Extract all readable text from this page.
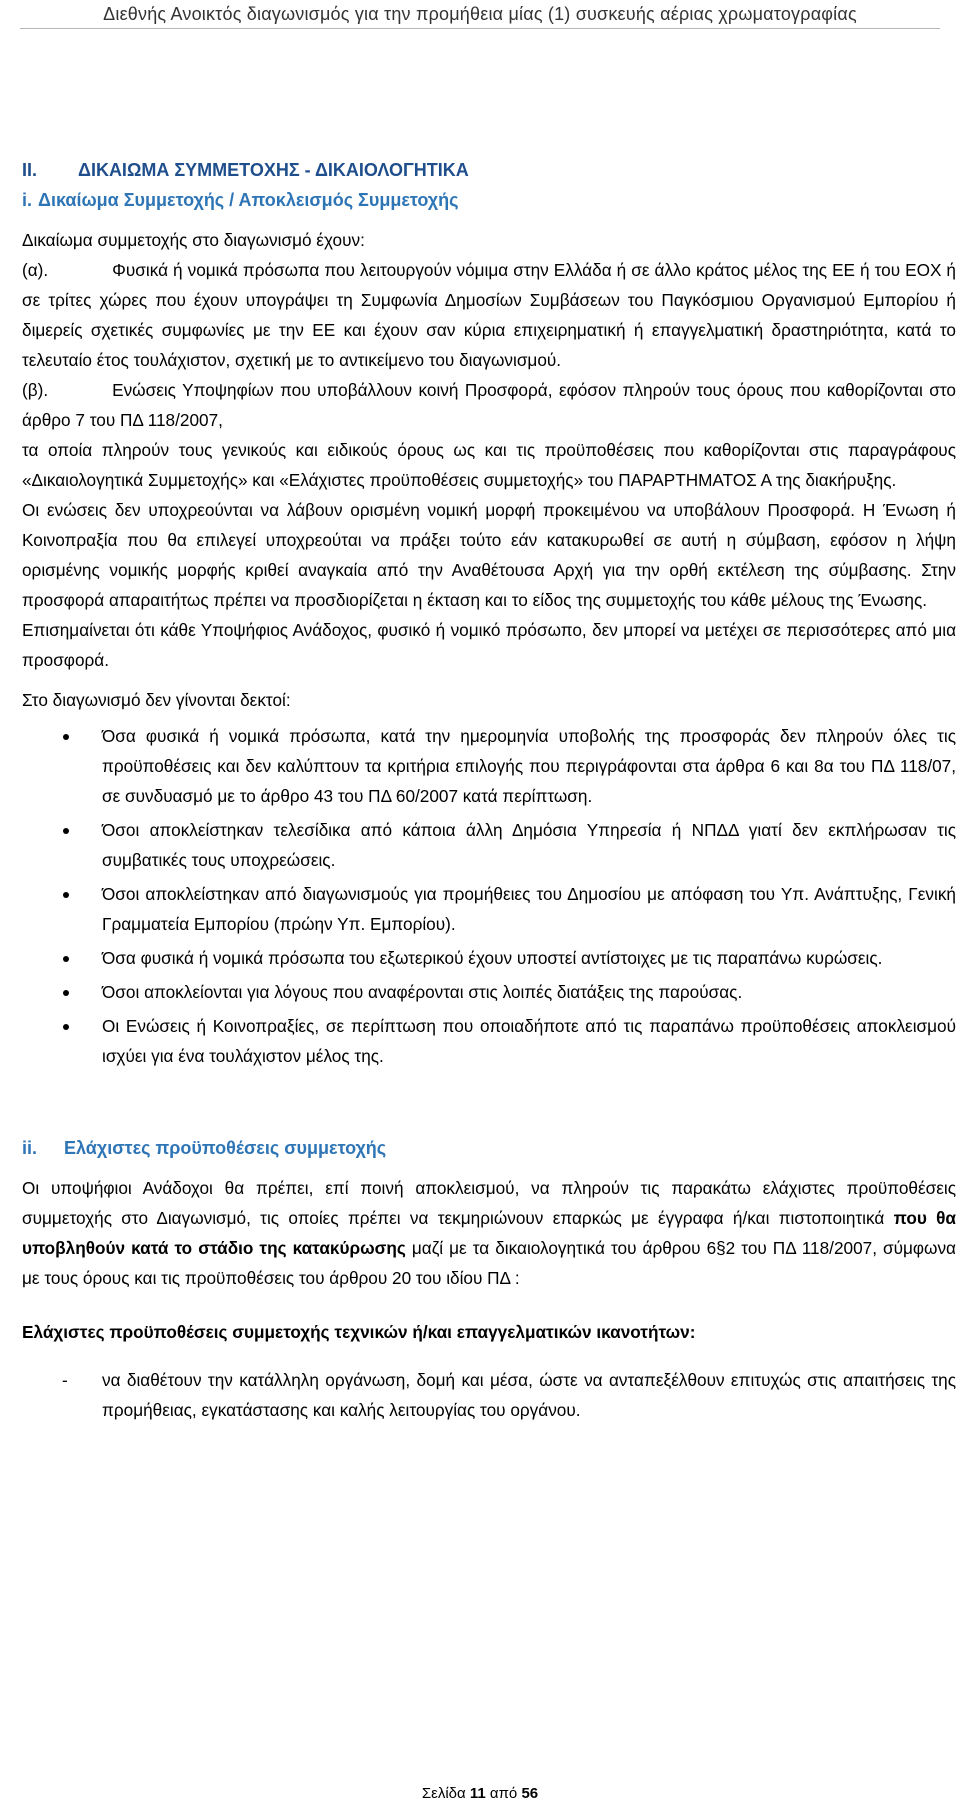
Διεθνής Ανοικτός διαγωνισμός για την προμήθεια μίας (1) συσκευής αέριας χρωματογραφίας
ΙΙ.	ΔΙΚΑΙΩΜΑ ΣΥΜΜΕΤΟΧΗΣ - ΔΙΚΑΙΟΛΟΓΗΤΙΚΑ
i. Δικαίωμα Συμμετοχής / Αποκλεισμός Συμμετοχής

Δικαίωμα συμμετοχής στο διαγωνισμό έχουν:

(α).	Φυσικά ή νομικά πρόσωπα που λειτουργούν νόμιμα στην Ελλάδα ή σε άλλο κράτος μέλος της ΕΕ ή του ΕΟΧ ή σε τρίτες χώρες που έχουν υπογράψει τη Συμφωνία Δημοσίων Συμβάσεων του Παγκόσμιου Οργανισμού Εμπορίου ή διμερείς σχετικές συμφωνίες με την ΕΕ και έχουν σαν κύρια επιχειρηματική ή επαγγελματική δραστηριότητα, κατά το τελευταίο έτος τουλάχιστον, σχετική με το αντικείμενο του διαγωνισμού.

(β).	Ενώσεις Υποψηφίων που υποβάλλουν κοινή Προσφορά, εφόσον πληρούν τους όρους που καθορίζονται στο άρθρο 7 του ΠΔ 118/2007,

τα οποία πληρούν τους γενικούς και ειδικούς όρους ως και τις προϋποθέσεις που καθορίζονται στις παραγράφους «Δικαιολογητικά Συμμετοχής» και «Ελάχιστες προϋποθέσεις συμμετοχής» του ΠΑΡΑΡΤΗΜΑΤΟΣ Α της διακήρυξης.

Οι ενώσεις δεν υποχρεούνται να λάβουν ορισμένη νομική μορφή προκειμένου να υποβάλουν Προσφορά. Η Ένωση ή Κοινοπραξία που θα επιλεγεί υποχρεούται να πράξει τούτο εάν κατακυρωθεί σε αυτή η σύμβαση, εφόσον η λήψη ορισμένης νομικής μορφής κριθεί αναγκαία από την Αναθέτουσα Αρχή για την ορθή εκτέλεση της σύμβασης. Στην προσφορά απαραιτήτως πρέπει να προσδιορίζεται η έκταση και το είδος της συμμετοχής του κάθε μέλους της Ένωσης.

Επισημαίνεται ότι κάθε Υποψήφιος Ανάδοχος, φυσικό ή νομικό πρόσωπο, δεν μπορεί να μετέχει σε περισσότερες από μια προσφορά.

Στο διαγωνισμό δεν γίνονται δεκτοί:

Όσα φυσικά ή νομικά πρόσωπα, κατά την ημερομηνία υποβολής της προσφοράς δεν πληρούν όλες τις προϋποθέσεις και δεν καλύπτουν τα κριτήρια επιλογής που περιγράφονται στα άρθρα 6 και 8α του ΠΔ 118/07, σε συνδυασμό με το άρθρο 43 του ΠΔ 60/2007 κατά περίπτωση.
Όσοι αποκλείστηκαν τελεσίδικα από κάποια άλλη Δημόσια Υπηρεσία ή ΝΠΔΔ γιατί δεν εκπλήρωσαν τις συμβατικές τους υποχρεώσεις.
Όσοι αποκλείστηκαν από διαγωνισμούς για προμήθειες του Δημοσίου με απόφαση του Υπ. Ανάπτυξης, Γενική Γραμματεία Εμπορίου (πρώην Υπ. Εμπορίου).
Όσα φυσικά ή νομικά πρόσωπα του εξωτερικού έχουν υποστεί αντίστοιχες με τις παραπάνω κυρώσεις.
Όσοι αποκλείονται για λόγους που αναφέρονται στις λοιπές διατάξεις της παρούσας.
Οι Ενώσεις ή Κοινοπραξίες, σε περίπτωση που οποιαδήποτε από τις παραπάνω προϋποθέσεις αποκλεισμού ισχύει για ένα τουλάχιστον μέλος της.
ii.	Ελάχιστες προϋποθέσεις συμμετοχής

Οι υποψήφιοι Ανάδοχοι θα πρέπει, επί ποινή αποκλεισμού, να πληρούν τις παρακάτω ελάχιστες προϋποθέσεις συμμετοχής στο Διαγωνισμό, τις οποίες πρέπει να τεκμηριώνουν επαρκώς με έγγραφα ή/και πιστοποιητικά που θα υποβληθούν κατά το στάδιο της κατακύρωσης μαζί με τα δικαιολογητικά του άρθρου 6§2 του ΠΔ 118/2007, σύμφωνα με τους όρους και τις προϋποθέσεις του άρθρου 20 του ιδίου ΠΔ :

Ελάχιστες προϋποθέσεις συμμετοχής τεχνικών ή/και επαγγελματικών ικανοτήτων:

- να διαθέτουν την κατάλληλη οργάνωση, δομή και μέσα, ώστε να ανταπεξέλθουν επιτυχώς στις απαιτήσεις της προμήθειας, εγκατάστασης και καλής λειτουργίας του οργάνου.
Σελίδα 11 από 56
